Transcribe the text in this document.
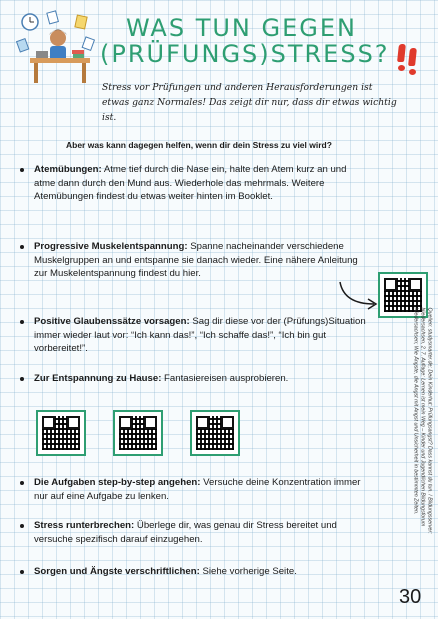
WAS TUN GEGEN
(PRÜFUNGS)STRESS?
Stress vor Prüfungen und anderen Herausforderungen ist etwas ganz Normales! Das zeigt dir nur, dass dir etwas wichtig ist.
Aber was kann dagegen helfen, wenn dir dein Stress zu viel wird?
Atemübungen: Atme tief durch die Nase ein, halte den Atem kurz an und atme dann durch den Mund aus. Wiederhole das mehrmals. Weitere Atemübungen findest du etwas weiter hinten im Booklet.
Progressive Muskelentspannung: Spanne nacheinander verschiedene Muskelgruppen an und entspanne sie danach wieder. Eine nähere Anleitung zur Muskelentspannung findest du hier.
Positive Glaubenssätze vorsagen: Sag dir diese vor der (Prüfungs)Situation immer wieder laut vor: “Ich kann das!”, “Ich schaffe das!”, “Ich bin gut vorbereitet!”.
Zur Entspannung zu Hause: Fantasiereisen ausprobieren.
Die Aufgaben step-by-step angehen: Versuche deine Konzentration immer nur auf eine Aufgabe zu lenken.
Stress runterbrechen: Überlege dir, was genau dir Stress bereitet und versuche spezifisch darauf einzugehen.
Sorgen und Ängste verschriftlichen: Siehe vorherige Seite.
Quellen: studysmarter.de; Dein Kinderhut: Prüfungsangst? Dass kannst du tun. / Bildungsserver: Niedersachsen, 2. 7. Auflage: Lernen ist mein Weg – Kinder und Jugendlichen Bildungsforum Niedersachsen; Wie Ängste, die Angst mit Angst und Unsicherheit in bestimmten Zeiten.
30
